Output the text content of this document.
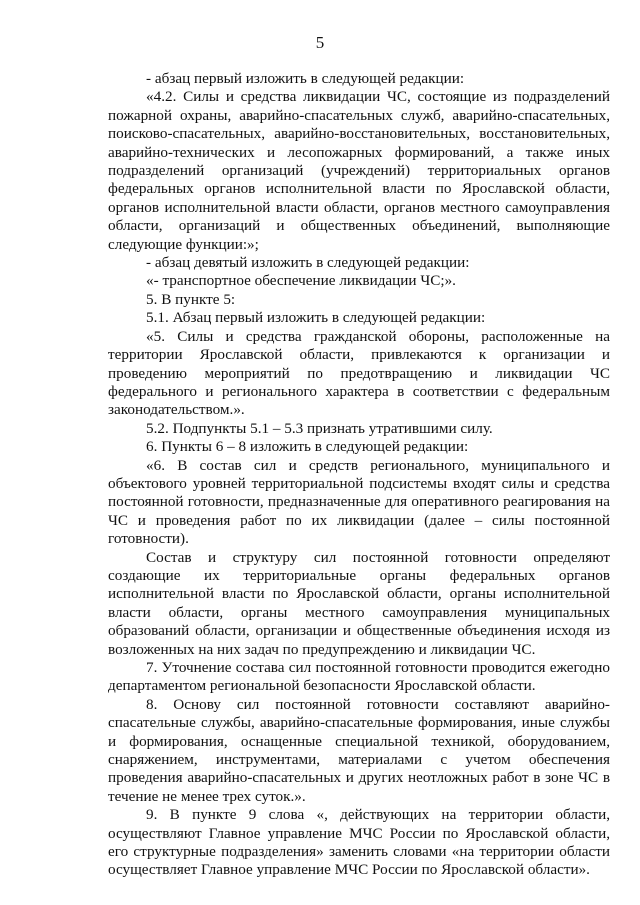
5

- абзац первый изложить в следующей редакции:

«4.2. Силы и средства ликвидации ЧС, состоящие из подразделений пожарной охраны, аварийно-спасательных служб, аварийно-спасательных, поисково-спасательных, аварийно-восстановительных, восстановительных, аварийно-технических и лесопожарных формирований, а также иных подразделений организаций (учреждений) территориальных органов федеральных органов исполнительной власти по Ярославской области, органов исполнительной власти области, органов местного самоуправления области, организаций и общественных объединений, выполняющие следующие функции:»;

- абзац девятый изложить в следующей редакции:

«- транспортное обеспечение ликвидации ЧС;».

5. В пункте 5:

5.1. Абзац первый изложить в следующей редакции:

«5. Силы и средства гражданской обороны, расположенные на территории Ярославской области, привлекаются к организации и проведению мероприятий по предотвращению и ликвидации ЧС федерального и регионального характера в соответствии с федеральным законодательством.».

5.2. Подпункты 5.1 – 5.3 признать утратившими силу.

6. Пункты 6 – 8 изложить в следующей редакции:

«6. В состав сил и средств регионального, муниципального и объектового уровней территориальной подсистемы входят силы и средства постоянной готовности, предназначенные для оперативного реагирования на ЧС и проведения работ по их ликвидации (далее – силы постоянной готовности).

Состав и структуру сил постоянной готовности определяют создающие их территориальные органы федеральных органов исполнительной власти по Ярославской области, органы исполнительной власти области, органы местного самоуправления муниципальных образований области, организации и общественные объединения исходя из возложенных на них задач по предупреждению и ликвидации ЧС.

7. Уточнение состава сил постоянной готовности проводится ежегодно департаментом региональной безопасности Ярославской области.

8. Основу сил постоянной готовности составляют аварийно-спасательные службы, аварийно-спасательные формирования, иные службы и формирования, оснащенные специальной техникой, оборудованием, снаряжением, инструментами, материалами с учетом обеспечения проведения аварийно-спасательных и других неотложных работ в зоне ЧС в течение не менее трех суток.».

9. В пункте 9 слова «, действующих на территории области, осуществляют Главное управление МЧС России по Ярославской области, его структурные подразделения» заменить словами «на территории области осуществляет Главное управление МЧС России по Ярославской области».
